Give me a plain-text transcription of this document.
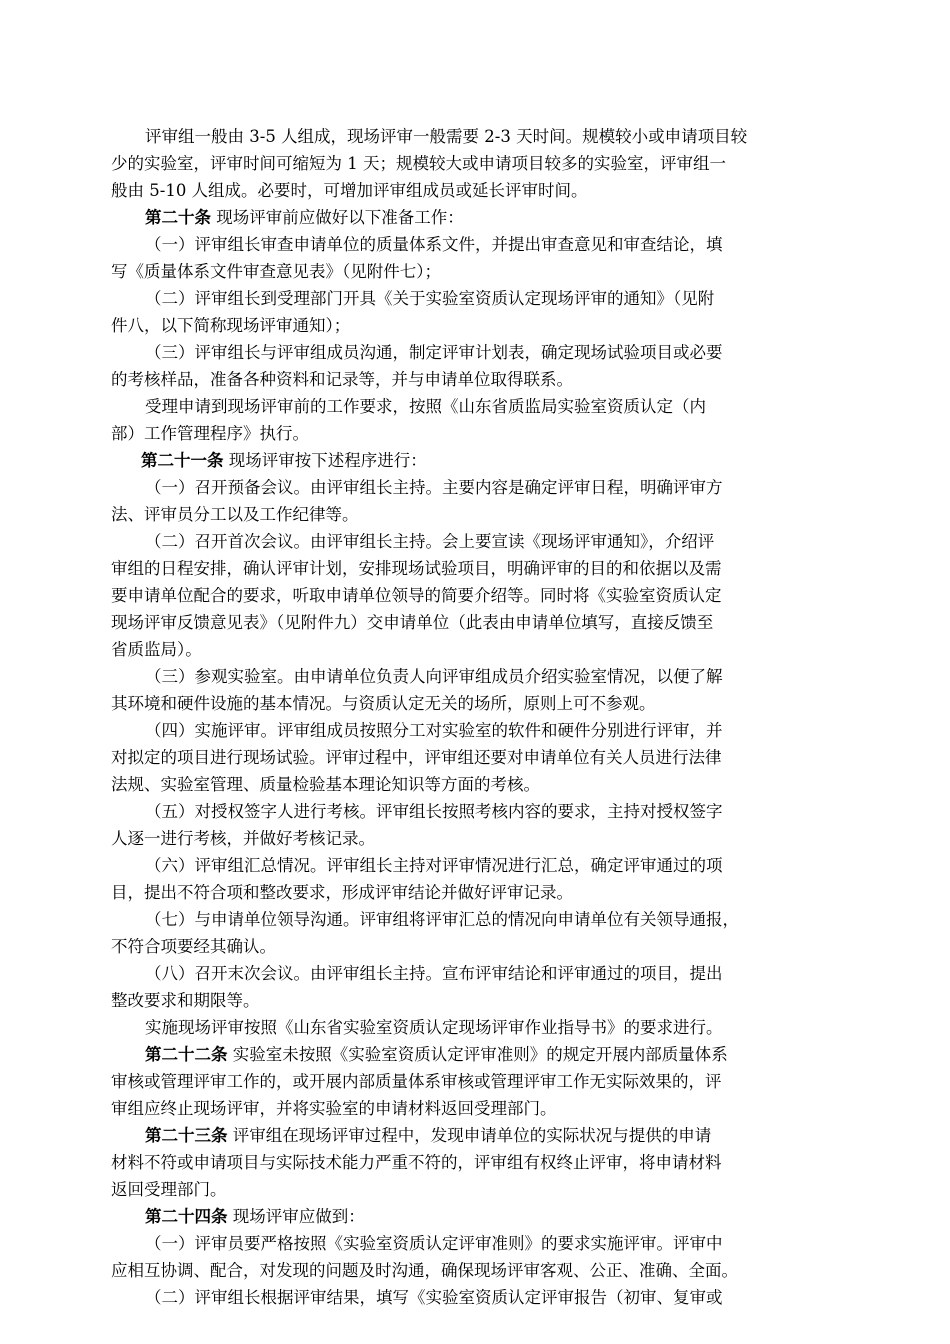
评审组一般由 3-5 人组成，现场评审一般需要 2-3 天时间。规模较小或申请项目较
少的实验室，评审时间可缩短为 1 天；规模较大或申请项目较多的实验室，评审组一
般由 5-10 人组成。必要时，可增加评审组成员或延长评审时间。
第二十条 现场评审前应做好以下准备工作：
（一）评审组长审查申请单位的质量体系文件，并提出审查意见和审查结论，填
写《质量体系文件审查意见表》（见附件七）；
（二）评审组长到受理部门开具《关于实验室资质认定现场评审的通知》（见附
件八，以下简称现场评审通知）；
（三）评审组长与评审组成员沟通，制定评审计划表，确定现场试验项目或必要
的考核样品，准备各种资料和记录等，并与申请单位取得联系。
受理申请到现场评审前的工作要求，按照《山东省质监局实验室资质认定（内
部）工作管理程序》执行。
第二十一条 现场评审按下述程序进行：
（一）召开预备会议。由评审组长主持。主要内容是确定评审日程，明确评审方
法、评审员分工以及工作纪律等。
（二）召开首次会议。由评审组长主持。会上要宣读《现场评审通知》，介绍评
审组的日程安排，确认评审计划，安排现场试验项目，明确评审的目的和依据以及需
要申请单位配合的要求，听取申请单位领导的简要介绍等。同时将《实验室资质认定
现场评审反馈意见表》（见附件九）交申请单位（此表由申请单位填写，直接反馈至
省质监局）。
（三）参观实验室。由申请单位负责人向评审组成员介绍实验室情况，以便了解
其环境和硬件设施的基本情况。与资质认定无关的场所，原则上可不参观。
（四）实施评审。评审组成员按照分工对实验室的软件和硬件分别进行评审，并
对拟定的项目进行现场试验。评审过程中，评审组还要对申请单位有关人员进行法律
法规、实验室管理、质量检验基本理论知识等方面的考核。
（五）对授权签字人进行考核。评审组长按照考核内容的要求，主持对授权签字
人逐一进行考核，并做好考核记录。
（六）评审组汇总情况。评审组长主持对评审情况进行汇总，确定评审通过的项
目，提出不符合项和整改要求，形成评审结论并做好评审记录。
（七）与申请单位领导沟通。评审组将评审汇总的情况向申请单位有关领导通报，
不符合项要经其确认。
（八）召开末次会议。由评审组长主持。宣布评审结论和评审通过的项目，提出
整改要求和期限等。
实施现场评审按照《山东省实验室资质认定现场评审作业指导书》的要求进行。
第二十二条 实验室未按照《实验室资质认定评审准则》的规定开展内部质量体系
审核或管理评审工作的，或开展内部质量体系审核或管理评审工作无实际效果的，评
审组应终止现场评审，并将实验室的申请材料返回受理部门。
第二十三条 评审组在现场评审过程中，发现申请单位的实际状况与提供的申请
材料不符或申请项目与实际技术能力严重不符的，评审组有权终止评审，将申请材料
返回受理部门。
第二十四条 现场评审应做到：
（一）评审员要严格按照《实验室资质认定评审准则》的要求实施评审。评审中
应相互协调、配合，对发现的问题及时沟通，确保现场评审客观、公正、准确、全面。
（二）评审组长根据评审结果，填写《实验室资质认定评审报告（初审、复审或
